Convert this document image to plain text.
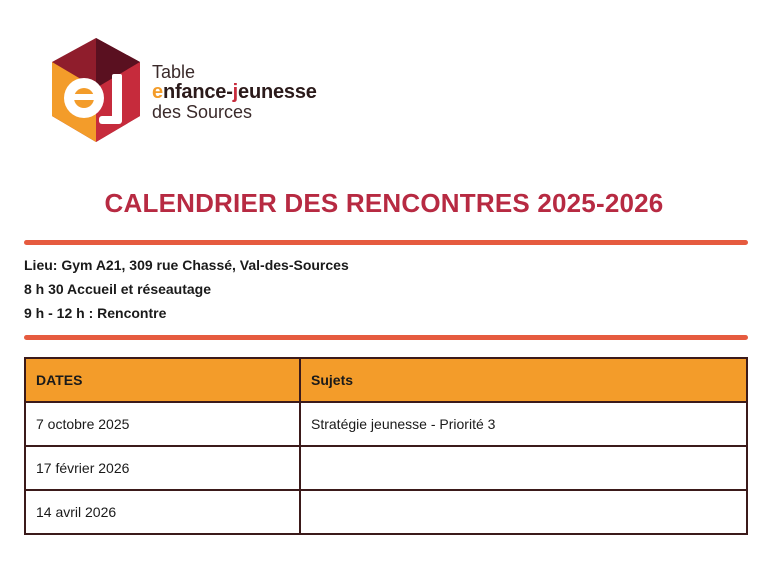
Table
enfance-jeunesse
des Sources
CALENDRIER DES RENCONTRES 2025-2026
Lieu: Gym A21, 309 rue Chassé, Val-des-Sources
8 h 30 Accueil et réseautage
9 h - 12 h : Rencontre
DATES	Sujets
7 octobre 2025	Stratégie jeunesse - Priorité 3
17 février 2026	
14 avril 2026	
